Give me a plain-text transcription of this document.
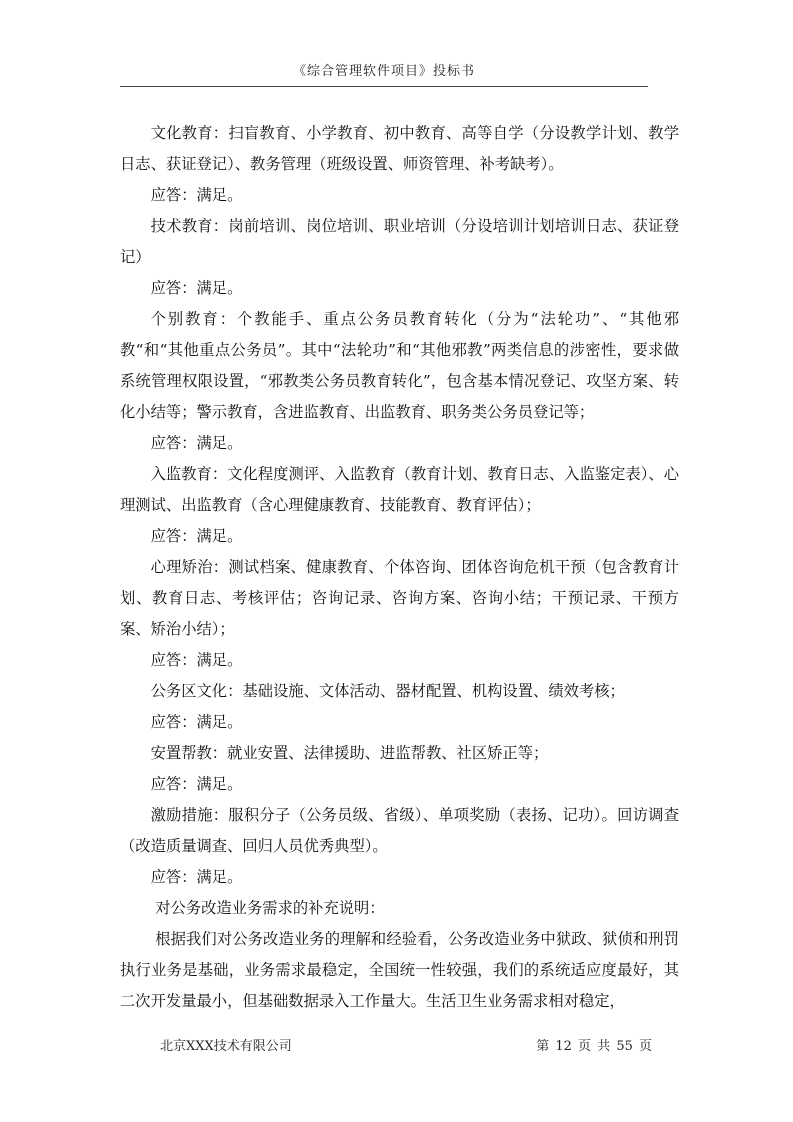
《综合管理软件项目》投标书

文化教育：扫盲教育、小学教育、初中教育、高等自学（分设教学计划、教学日志、获证登记）、教务管理（班级设置、师资管理、补考缺考）。

应答：满足。

技术教育：岗前培训、岗位培训、职业培训（分设培训计划培训日志、获证登记）

应答：满足。

个别教育：个教能手、重点公务员教育转化（分为“法轮功”、“其他邪教“和“其他重点公务员”。其中“法轮功”和“其他邪教”两类信息的涉密性，要求做系统管理权限设置，“邪教类公务员教育转化”，包含基本情况登记、攻坚方案、转化小结等；警示教育，含进监教育、出监教育、职务类公务员登记等；

应答：满足。

入监教育：文化程度测评、入监教育（教育计划、教育日志、入监鉴定表）、心理测试、出监教育（含心理健康教育、技能教育、教育评估）；

应答：满足。

心理矫治：测试档案、健康教育、个体咨询、团体咨询危机干预（包含教育计划、教育日志、考核评估；咨询记录、咨询方案、咨询小结；干预记录、干预方案、矫治小结）；

应答：满足。

公务区文化：基础设施、文体活动、器材配置、机构设置、绩效考核；

应答：满足。

安置帮教：就业安置、法律援助、进监帮教、社区矫正等；

应答：满足。

激励措施：服积分子（公务员级、省级）、单项奖励（表扬、记功）。回访调查（改造质量调查、回归人员优秀典型）。

应答：满足。

对公务改造业务需求的补充说明：

根据我们对公务改造业务的理解和经验看，公务改造业务中狱政、狱侦和刑罚执行业务是基础，业务需求最稳定，全国统一性较强，我们的系统适应度最好，其二次开发量最小，但基础数据录入工作量大。生活卫生业务需求相对稳定，

北京XXX技术有限公司	第 12 页 共 55 页
